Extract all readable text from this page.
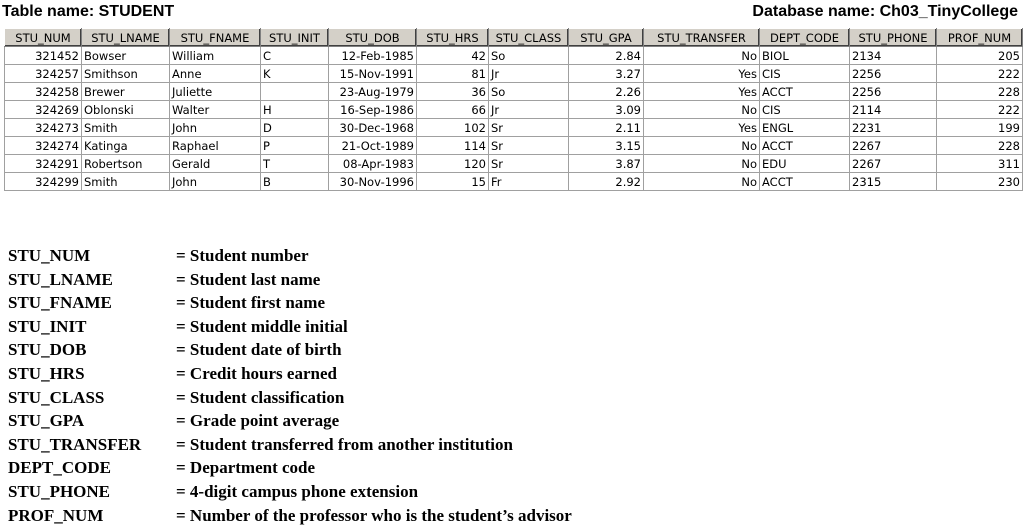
Table name: STUDENT	Database name: Ch03_TinyCollege
STU_NUM	STU_LNAME	STU_FNAME	STU_INIT	STU_DOB	STU_HRS	STU_CLASS	STU_GPA	STU_TRANSFER	DEPT_CODE	STU_PHONE	PROF_NUM
321452	Bowser	William	C	12-Feb-1985	42	So	2.84	No	BIOL	2134	205
324257	Smithson	Anne	K	15-Nov-1991	81	Jr	3.27	Yes	CIS	2256	222
324258	Brewer	Juliette		23-Aug-1979	36	So	2.26	Yes	ACCT	2256	228
324269	Oblonski	Walter	H	16-Sep-1986	66	Jr	3.09	No	CIS	2114	222
324273	Smith	John	D	30-Dec-1968	102	Sr	2.11	Yes	ENGL	2231	199
324274	Katinga	Raphael	P	21-Oct-1989	114	Sr	3.15	No	ACCT	2267	228
324291	Robertson	Gerald	T	08-Apr-1983	120	Sr	3.87	No	EDU	2267	311
324299	Smith	John	B	30-Nov-1996	15	Fr	2.92	No	ACCT	2315	230
STU_NUM	= Student number
STU_LNAME	= Student last name
STU_FNAME	= Student first name
STU_INIT	= Student middle initial
STU_DOB	= Student date of birth
STU_HRS	= Credit hours earned
STU_CLASS	= Student classification
STU_GPA	= Grade point average
STU_TRANSFER	= Student transferred from another institution
DEPT_CODE	= Department code
STU_PHONE	= 4-digit campus phone extension
PROF_NUM	= Number of the professor who is the student’s advisor
